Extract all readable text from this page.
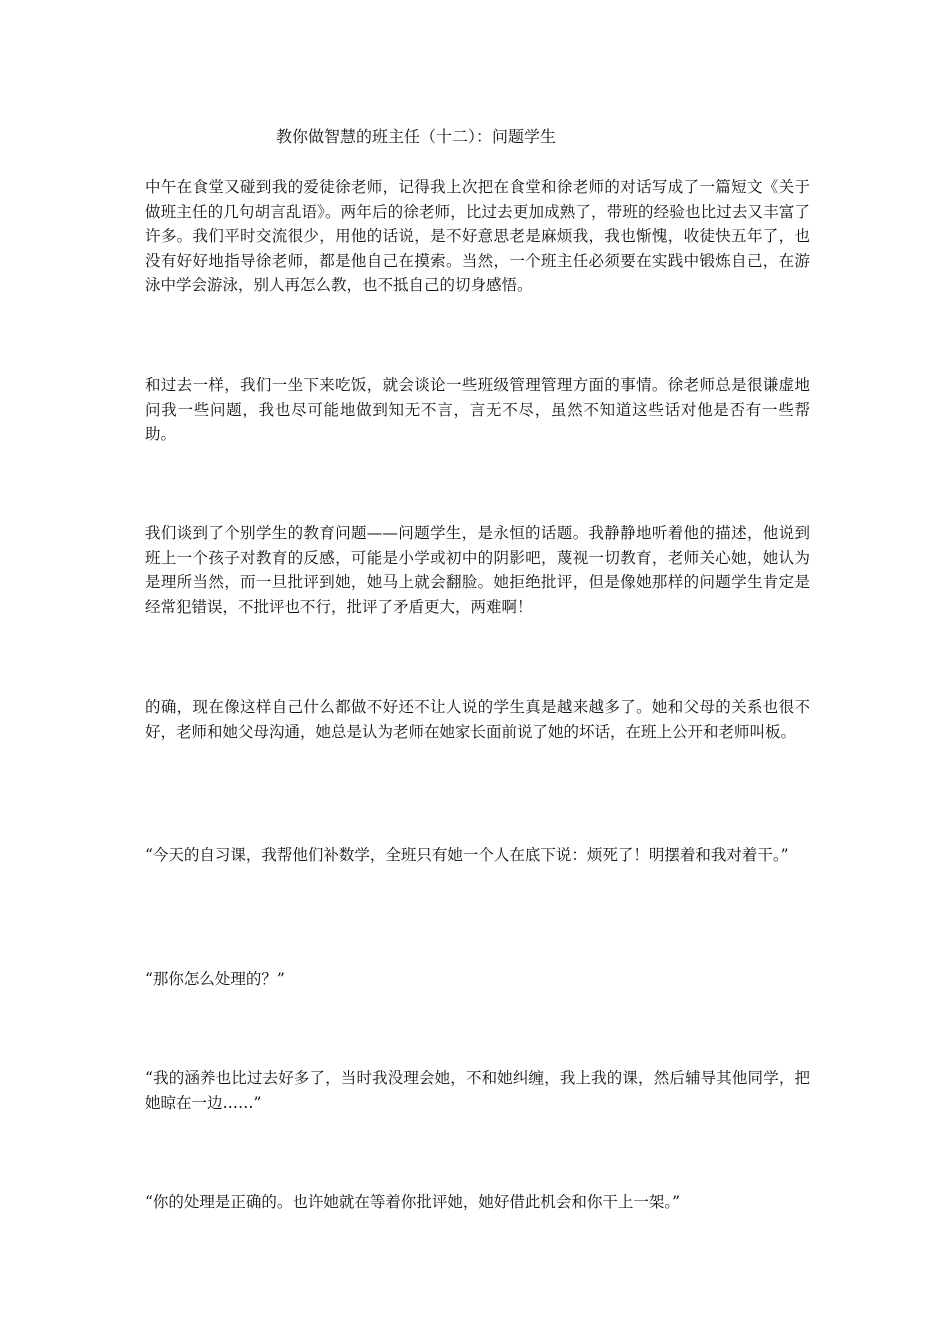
教你做智慧的班主任（十二）：问题学生

中午在食堂又碰到我的爱徒徐老师，记得我上次把在食堂和徐老师的对话写成了一篇短文《关于做班主任的几句胡言乱语》。两年后的徐老师，比过去更加成熟了，带班的经验也比过去又丰富了许多。我们平时交流很少，用他的话说，是不好意思老是麻烦我，我也惭愧，收徒快五年了，也没有好好地指导徐老师，都是他自己在摸索。当然，一个班主任必须要在实践中锻炼自己，在游泳中学会游泳，别人再怎么教，也不抵自己的切身感悟。

和过去一样，我们一坐下来吃饭，就会谈论一些班级管理管理方面的事情。徐老师总是很谦虚地问我一些问题，我也尽可能地做到知无不言，言无不尽，虽然不知道这些话对他是否有一些帮助。

我们谈到了个别学生的教育问题——问题学生，是永恒的话题。我静静地听着他的描述，他说到班上一个孩子对教育的反感，可能是小学或初中的阴影吧，蔑视一切教育，老师关心她，她认为是理所当然，而一旦批评到她，她马上就会翻脸。她拒绝批评，但是像她那样的问题学生肯定是经常犯错误，不批评也不行，批评了矛盾更大，两难啊！

的确，现在像这样自己什么都做不好还不让人说的学生真是越来越多了。她和父母的关系也很不好，老师和她父母沟通，她总是认为老师在她家长面前说了她的坏话，在班上公开和老师叫板。

“今天的自习课，我帮他们补数学，全班只有她一个人在底下说：烦死了！明摆着和我对着干。”

“那你怎么处理的？”

“我的涵养也比过去好多了，当时我没理会她，不和她纠缠，我上我的课，然后辅导其他同学，把她晾在一边……”

“你的处理是正确的。也许她就在等着你批评她，她好借此机会和你干上一架。”
